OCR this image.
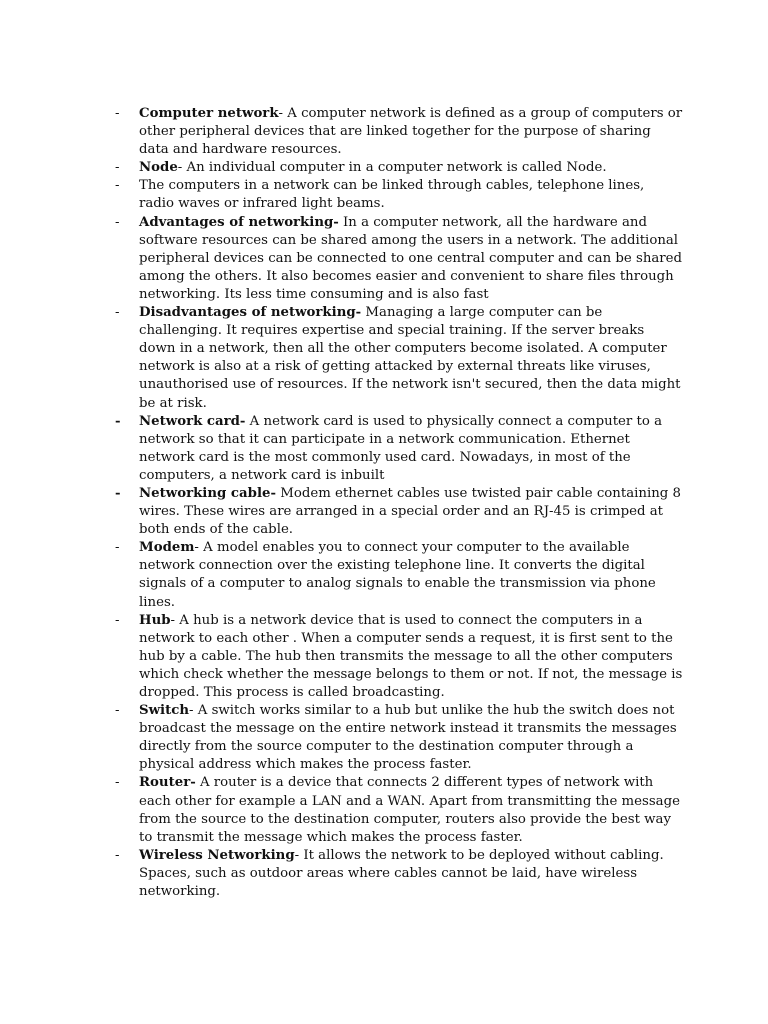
- Computer network- A computer network is defined as a group of computers or other peripheral devices that are linked together for the purpose of sharing data and hardware resources.
- Node- An individual computer in a computer network is called Node.
- The computers in a network can be linked through cables, telephone lines, radio waves or infrared light beams.
- Advantages of networking- In a computer network, all the hardware and software resources can be shared among the users in a network. The additional peripheral devices can be connected to one central computer and can be shared among the others. It also becomes easier and convenient to share files through networking. Its less time consuming and is also fast
- Disadvantages of networking- Managing a large computer can be challenging. It requires expertise and special training. If the server breaks down in a network, then all the other computers become isolated. A computer network is also at a risk of getting attacked by external threats like viruses, unauthorised use of resources. If the network isn't secured, then the data might be at risk.
- Network card- A network card is used to physically connect a computer to a network so that it can participate in a network communication. Ethernet network card is the most commonly used card. Nowadays, in most of the computers, a network card is inbuilt
- Networking cable- Modem ethernet cables use twisted pair cable containing 8 wires. These wires are arranged in a special order and an RJ-45 is crimped at both ends of the cable.
- Modem- A model enables you to connect your computer to the available network connection over the existing telephone line. It converts the digital signals of a computer to analog signals to enable the transmission via phone lines.
- Hub- A hub is a network device that is used to connect the computers in a network to each other . When a computer sends a request, it is first sent to the hub by a cable. The hub then transmits the message to all the other computers which check whether the message belongs to them or not. If not, the message is dropped. This process is called broadcasting.
- Switch- A switch works similar to a hub but unlike the hub the switch does not broadcast the message on the entire network instead it transmits the messages directly from the source computer to the destination computer through a physical address which makes the process faster.
- Router- A router is a device that connects 2 different types of network with each other for example a LAN and a WAN. Apart from transmitting the message from the source to the destination computer, routers also provide the best way to transmit the message which makes the process faster.
- Wireless Networking- It allows the network to be deployed without cabling. Spaces, such as outdoor areas where cables cannot be laid, have wireless networking.
